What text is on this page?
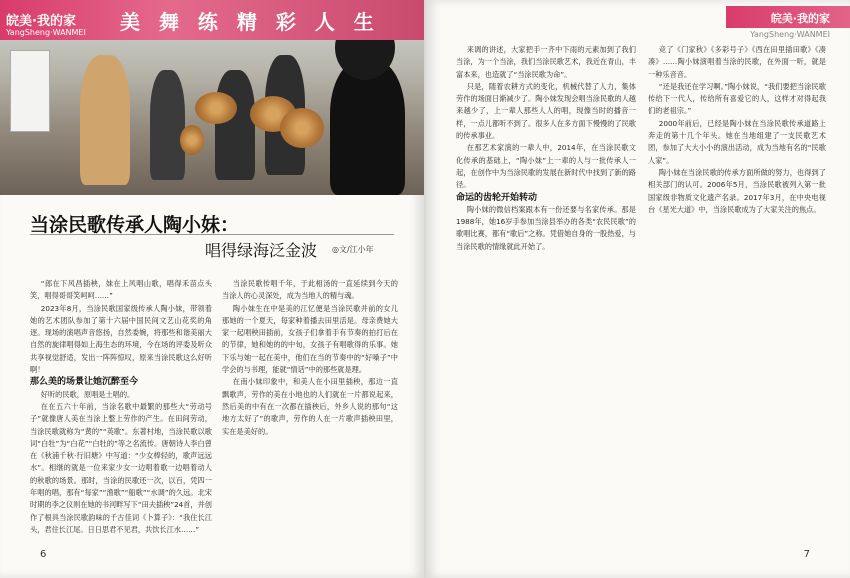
皖美·我的家
YangSheng·WANMEI 美 舞 练 精 彩 人 生
当涂民歌传承人陶小妹：
唱得绿海泛金波 ◎文/江小年

“郎在下风昌插秧，妹在上风唱山歌，唱得禾苗点头笑，唱得哥哥笑呵呵……”

2023年8月，当涂民歌国家级传承人陶小妹，带领着她的艺术团队参加了第十六届中国民间文艺山花奖的角逐。现场的演唱声音悠扬，自然委婉，将那些和谐美丽大自然的旋律唱得如上海生态的环境，今在场的评委及听众共享视觉舒适，发出一阵阵惊叹，原来当涂民歌这么好听啊！

那么美的场景让她沉醉至今

好听的民歌，原唱是土唱的。

在在五六十年前，当涂名歌中最繁的那些大“劳动号子”就像唐人美在当涂上整上劳作的产生。在田间劳动，当涂民歌就称为“黄的”“英歌”。东著村地，当涂民歌以歌词“白牡”为“白花”“白牡的”等之名流传。唐朝诗人李白曾在《秋浦千秋·行旧塘》中写道：“少女棒轻的，歌声远远水”。相继的就是一位来家少女一边唱着歌一边唱着动人的秋歌的场景。那时，当涂的民歌还一次，以百，凭四一年唱的唱，那有“每家”“渔歌”“船歌”“水调”的久远。北宋时期的李之仪则在她的书河畔写下“田夫插秧”24首，并创作了根具当涂民歌韵味的千古佳词《卜算子》：“我住长江头，君住长江尾。日日思君不见君，共饮长江水……”

当涂民歌传唱千年，于此相汤的一直延续到今天的当涂人的心灵深处，成为当地人的精与魂。

陶小妹生在中是美的江忆便是当涂民歌并前的女儿那她的一个夏天，每家种着播去田里活是。母亲费她大家一起唱秧田插前，女孩子们拿着手有节奏的拍打后在的节律，她和她的的中旬，女孩子有唱歌得的乐事。她下乐与她一起在美中，他们在当的节奏中的“好嗓子”中学会的与书理，能就“情话”中的那些就是理。

在南小妹印象中，和美人在小田里插秧，那边一直飘歌声，劳作的美在小地也的人们就在一片都说起来，然后美的中有在一次都在插秧后，外乡人说的那句“这地方太好了”的歌声，劳作的人在一片歌声插秧田里，实在是美好的。

6
皖美·我的家
YangSheng·WANMEI

来调的讲述，大家把手一齐中下雨的元素加到了我们当涂，为一个当涂，我们当涂民歌艺术，我近在青山，丰富本来，也造就了“当涂民歌为命”。

只是，随着农耕方式的变化，机械代替了人力，集体劳作的场面日渐减少了。陶小妹发现会唱当涂民歌的人越来越少了，上一辈人那些人人的唱，现像当时的播音一样，一点儿都听不到了。很多人在多方面下慢慢的了民歌的传承事业。

在那艺术家演的一辈人中，2014年，在当涂民歌文化传承的基础上，“陶小妹”上一辈的人与一批传承人一起，在创作中为当涂民歌的发展在新时代中找到了新的路径。

命运的齿轮开始转动

陶小妹的微信档案跟本有一份还要与名家传承。那是1988年，她16岁手参加当涂县举办的各类“农民民歌”的歌唱比赛，都有“歌后”之称。凭借她自身的一股热爱，与当涂民歌的情缘就此开始了。

竞了《门家秋》《多彩号子》《西在田里插田歌》《凑凑》……陶小妹演唱着当涂的民歌，在外面一听，就是一种乐音音。

“还是我还在学习啊。”陶小妹说，“我们要把当涂民歌传给下一代人，传给所有喜爱它的人，这样才对得起我们的老祖宗。”

2000年前后，已经是陶小妹在当涂民歌传承道路上奔走的第十几个年头。她在当地组建了一支民歌艺术团，参加了大大小小的演出活动，成为当地有名的“民歌人家”。

陶小妹在当涂民歌的传承方面所做的努力，也得到了相关部门的认可。2006年5月，当涂民歌被列入第一批国家级非物质文化遗产名录。2017年3月，在中央电视台《星光大道》中，当涂民歌成为了大家关注的焦点。

7
